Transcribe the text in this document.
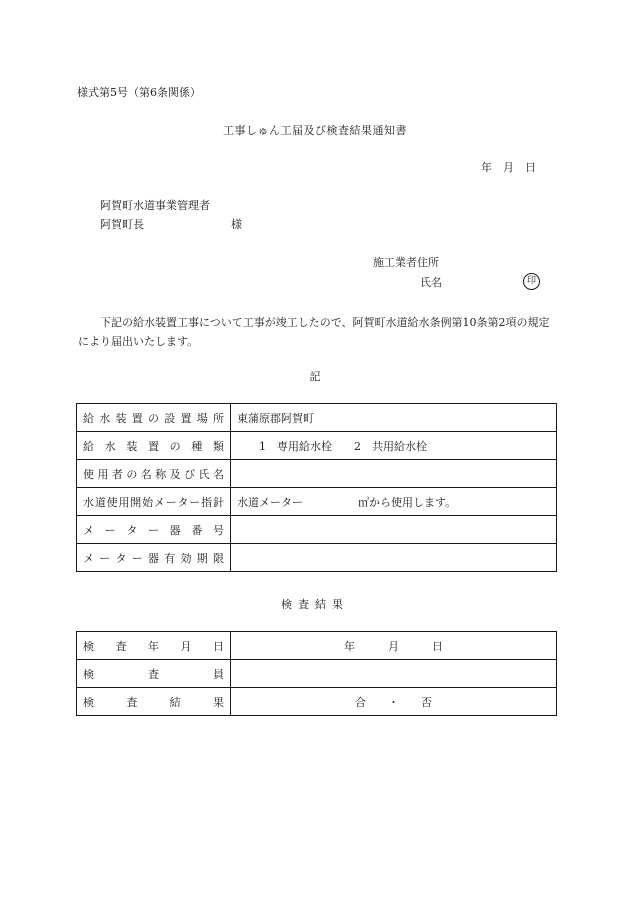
様式第5号（第6条関係）
工事しゅん工届及び検査結果通知書
年　月　日
阿賀町水道事業管理者
阿賀町長	様
施工業者住所
氏名	印
下記の給水装置工事について工事が竣工したので、阿賀町水道給水条例第10条第2項の規定により届出いたします。
記
給水装置の設置場所	東蒲原郡阿賀町
給水装置の種類	1　専用給水栓　　2　共用給水栓
使用者の名称及び氏名	
水道使用開始メーター指針	水道メーター　　　　　㎥から使用します。
メーター器番号	
メーター器有効期限	
検査結果
検査年月日	年　　　月　　　日
検査員	
検査結果	合　　・　　否
